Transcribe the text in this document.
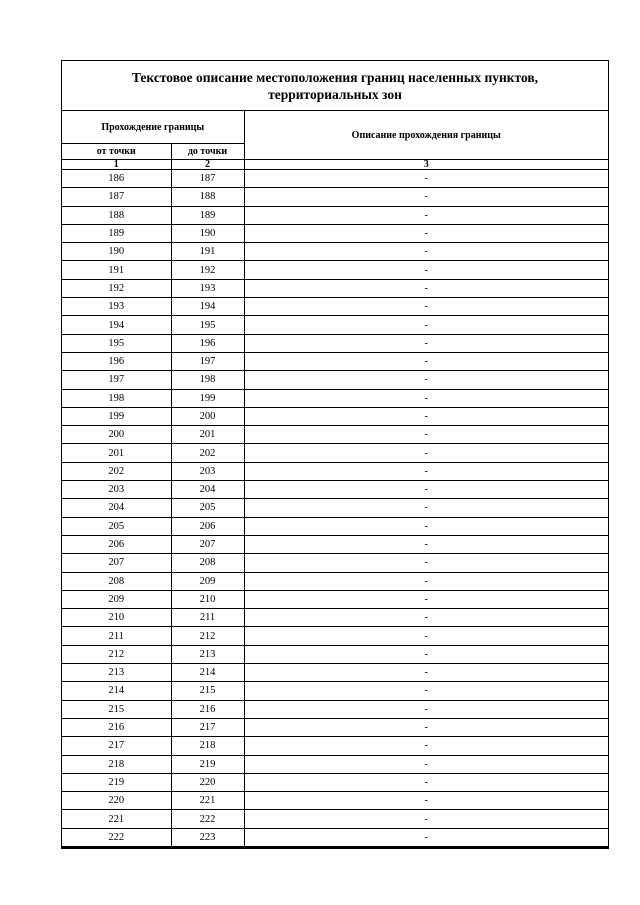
Текстовое описание местоположения границ населенных пунктов,
территориальных зон
Прохождение границы		Описание прохождения границы
от точки	до точки	
1	2	3
186	187	-
187	188	-
188	189	-
189	190	-
190	191	-
191	192	-
192	193	-
193	194	-
194	195	-
195	196	-
196	197	-
197	198	-
198	199	-
199	200	-
200	201	-
201	202	-
202	203	-
203	204	-
204	205	-
205	206	-
206	207	-
207	208	-
208	209	-
209	210	-
210	211	-
211	212	-
212	213	-
213	214	-
214	215	-
215	216	-
216	217	-
217	218	-
218	219	-
219	220	-
220	221	-
221	222	-
222	223	-
